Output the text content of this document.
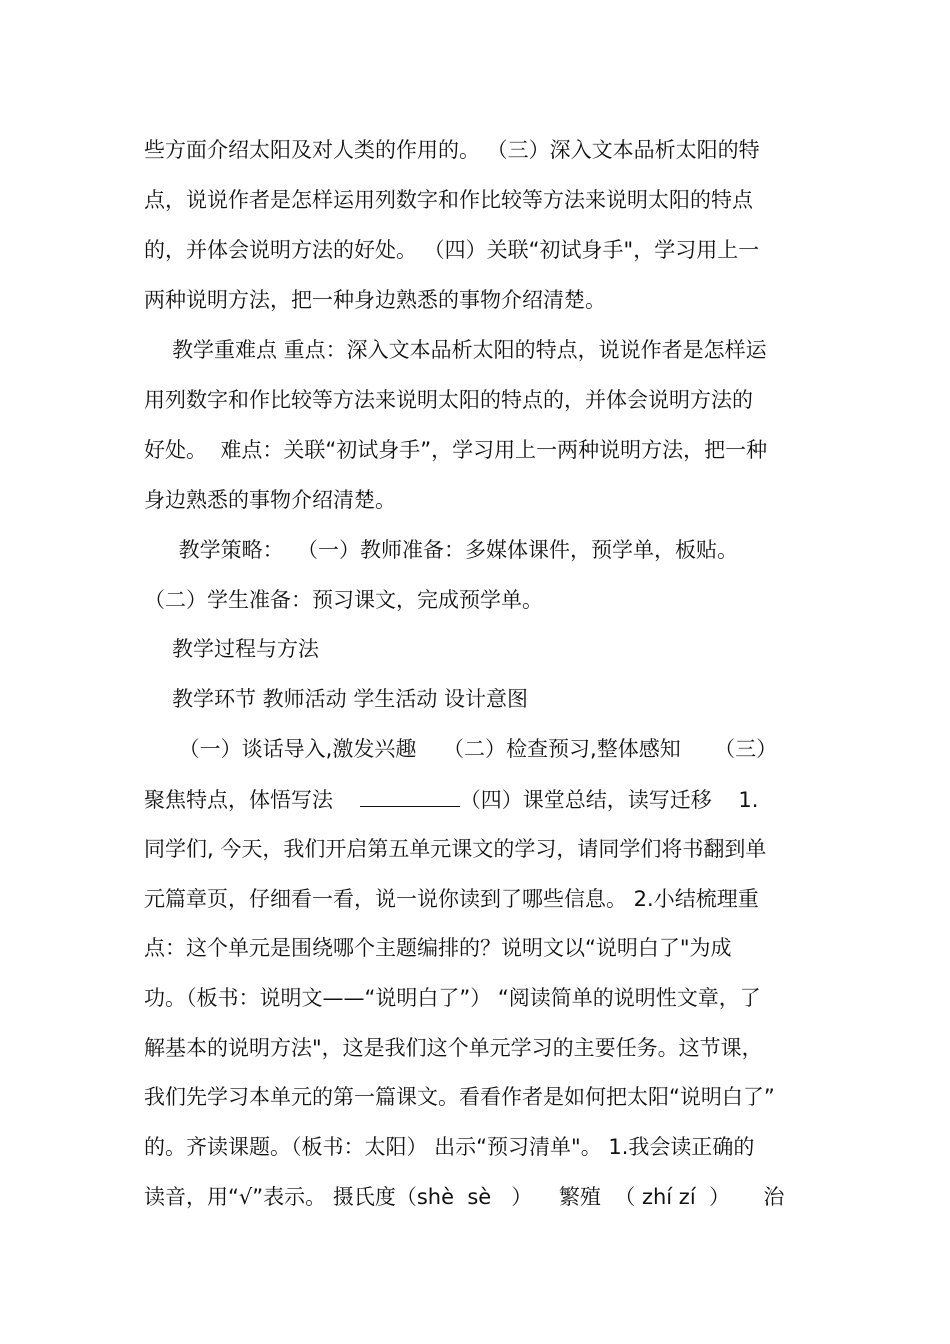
些方面介绍太阳及对人类的作用的。 （三）深入文本品析太阳的特

点，说说作者是怎样运用列数字和作比较等方法来说明太阳的特点

的，并体会说明方法的好处。 （四）关联“初试身手"，学习用上一

两种说明方法，把一种身边熟悉的事物介绍清楚。

教学重难点 重点：深入文本品析太阳的特点，说说作者是怎样运

用列数字和作比较等方法来说明太阳的特点的，并体会说明方法的

好处。  难点：关联“初试身手”，学习用上一两种说明方法，把一种

身边熟悉的事物介绍清楚。

教学策略：  （一）教师准备：多媒体课件，预学单，板贴。

（二）学生准备：预习课文，完成预学单。

教学过程与方法

教学环节 教师活动 学生活动 设计意图

（一）谈话导入,激发兴趣    （二）检查预习,整体感知     （三）

聚焦特点，体悟写法	（四）课堂总结，读写迁移    1.

同学们, 今天，我们开启第五单元课文的学习，请同学们将书翻到单

元篇章页，仔细看一看，说一说你读到了哪些信息。 2.小结梳理重

点：这个单元是围绕哪个主题编排的？说明文以“说明白了"为成

功。（板书：说明文——“说明白了”） “阅读简单的说明性文章，了

解基本的说明方法"，这是我们这个单元学习的主要任务。这节课，

我们先学习本单元的第一篇课文。看看作者是如何把太阳“说明白了”

的。齐读课题。（板书：太阳） 出示“预习清单"。 1.我会读正确的

读音，用“√”表示。 摄氏度（shè  sè   ）    繁殖  （ zhí zí  ）     治
